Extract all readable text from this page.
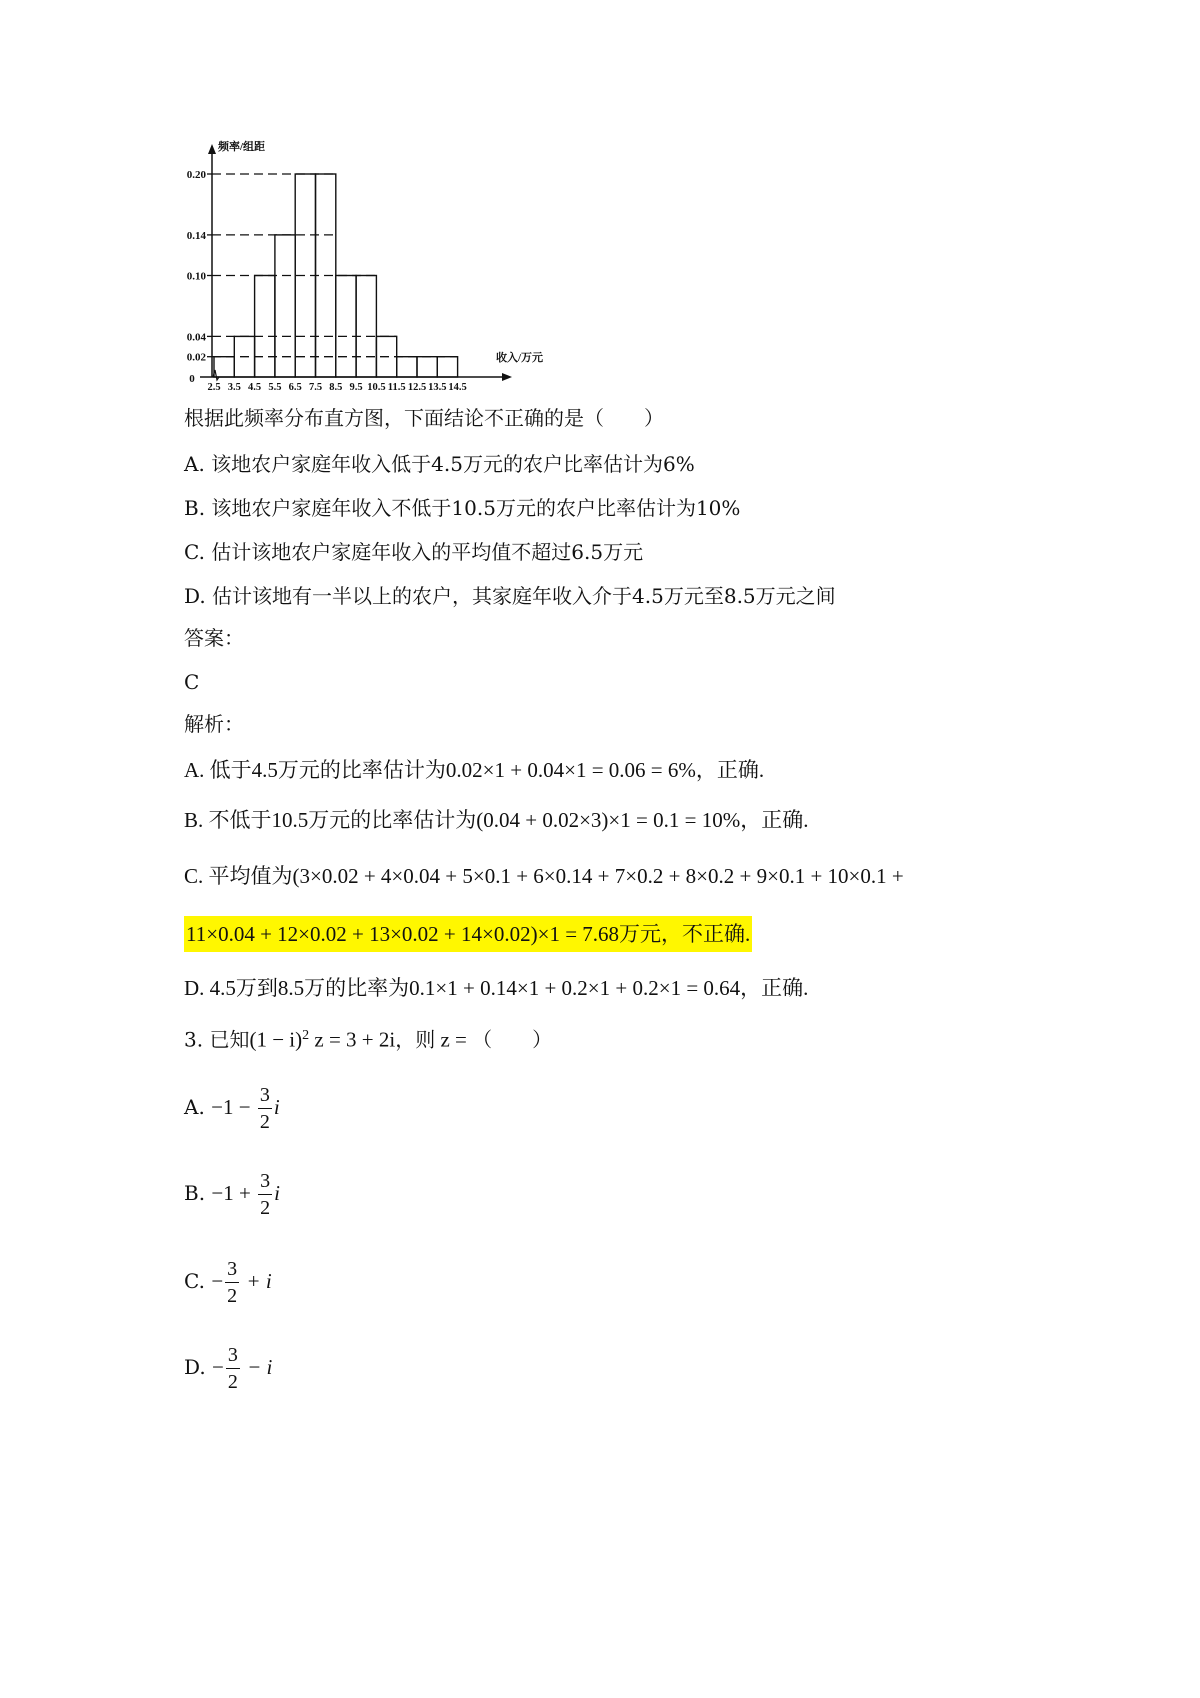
0.20
0.14
0.10
0.04
0.02
0
2.5 3.5 4.5 5.5 6.5 7.5 8.5 9.5 10.5 11.5 12.5 13.5 14.5
频率/组距
收入/万元
根据此频率分布直方图，下面结论不正确的是（　　）
A. 该地农户家庭年收入低于4.5万元的农户比率估计为6%
B. 该地农户家庭年收入不低于10.5万元的农户比率估计为10%
C. 估计该地农户家庭年收入的平均值不超过6.5万元
D. 估计该地有一半以上的农户，其家庭年收入介于4.5万元至8.5万元之间
答案：
C
解析：
A. 低于4.5万元的比率估计为0.02×1 + 0.04×1 = 0.06 = 6%，正确.
B. 不低于10.5万元的比率估计为(0.04 + 0.02×3)×1 = 0.1 = 10%，正确.
C. 平均值为(3×0.02 + 4×0.04 + 5×0.1 + 6×0.14 + 7×0.2 + 8×0.2 + 9×0.1 + 10×0.1 +
11×0.04 + 12×0.02 + 13×0.02 + 14×0.02)×1 = 7.68万元，不正确.
D. 4.5万到8.5万的比率为0.1×1 + 0.14×1 + 0.2×1 + 0.2×1 = 0.64，正确.
3. 已知$(1 - i)^2$ z = 3 + 2i，则 z = （　　）
A. $-1 - \frac{3}{2}$ i
B. $-1 + \frac{3}{2}$ i
C. − $\frac{3}{2} + i$
D. − $\frac{3}{2} - i$
